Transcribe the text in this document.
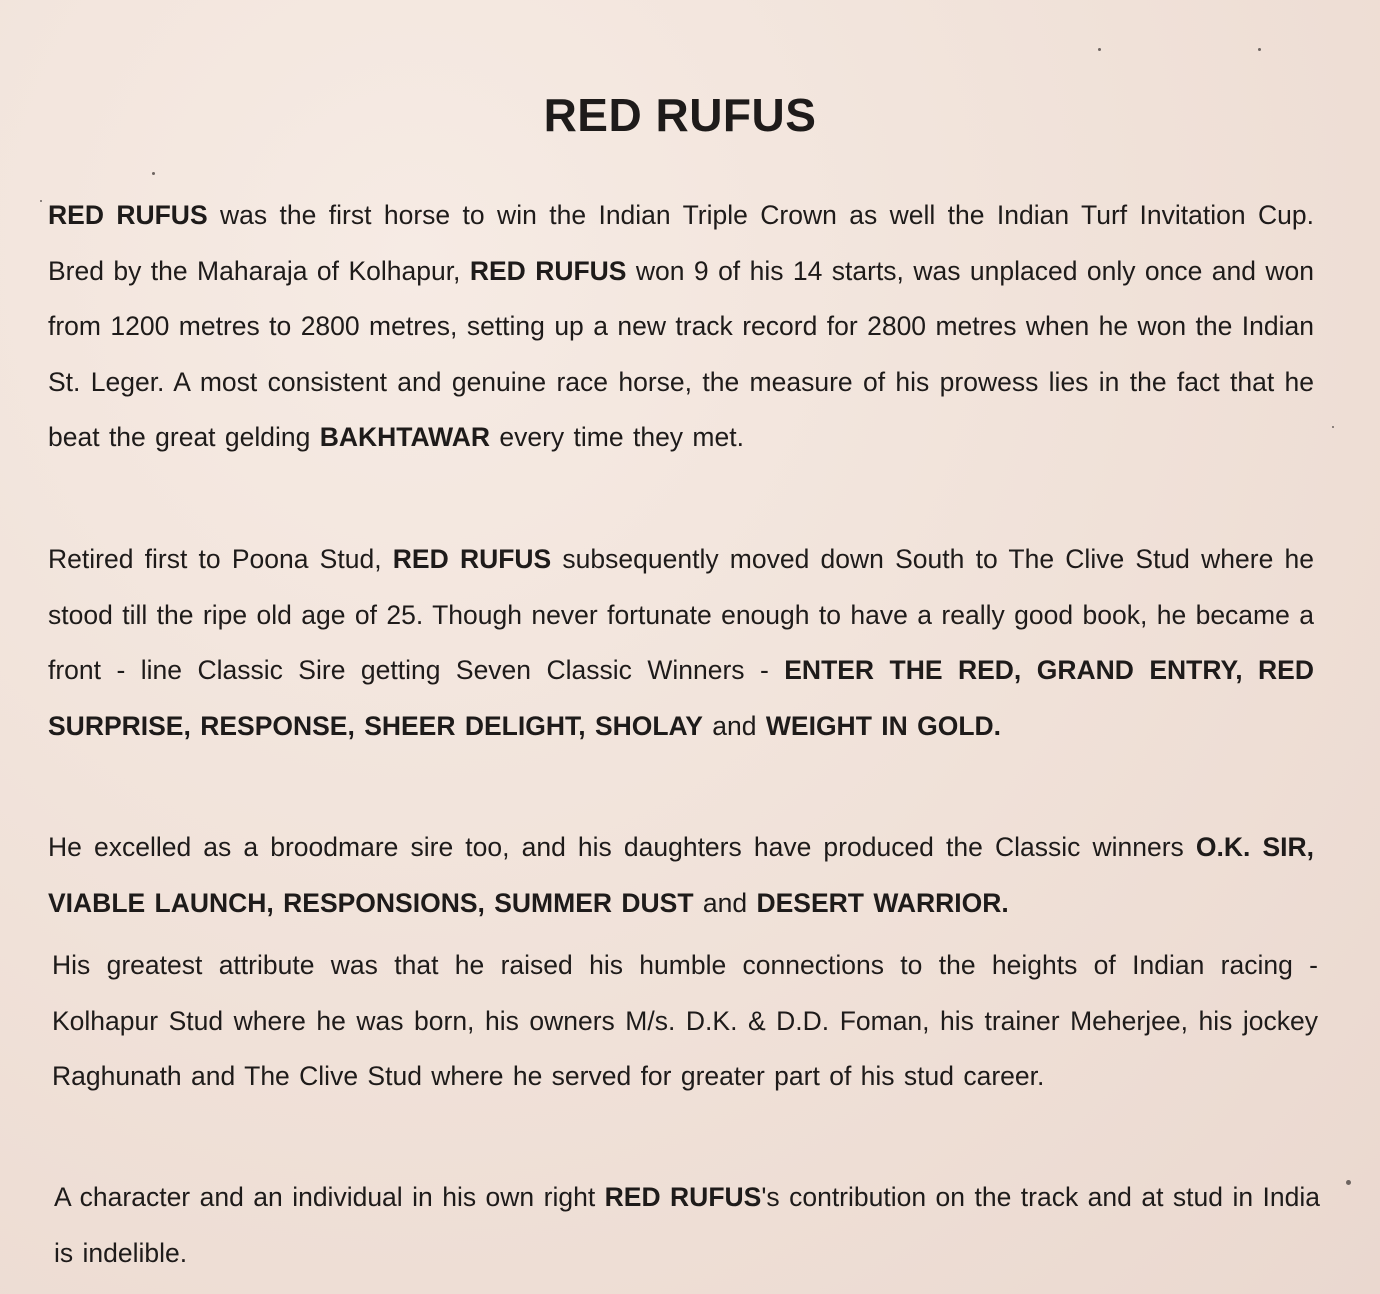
RED RUFUS

RED RUFUS was the first horse to win the Indian Triple Crown as well the Indian Turf Invitation Cup. Bred by the Maharaja of Kolhapur, RED RUFUS won 9 of his 14 starts, was unplaced only once and won from 1200 metres to 2800 metres, setting up a new track record for 2800 metres when he won the Indian St. Leger. A most consistent and genuine race horse, the measure of his prowess lies in the fact that he beat the great gelding BAKHTAWAR every time they met.

Retired first to Poona Stud, RED RUFUS subsequently moved down South to The Clive Stud where he stood till the ripe old age of 25. Though never fortunate enough to have a really good book, he became a front - line Classic Sire getting Seven Classic Winners - ENTER THE RED, GRAND ENTRY, RED SURPRISE, RESPONSE, SHEER DELIGHT, SHOLAY and WEIGHT IN GOLD.

He excelled as a broodmare sire too, and his daughters have produced the Classic winners O.K. SIR, VIABLE LAUNCH, RESPONSIONS, SUMMER DUST and DESERT WARRIOR.

His greatest attribute was that he raised his humble connections to the heights of Indian racing - Kolhapur Stud where he was born, his owners M/s. D.K. & D.D. Foman, his trainer Meherjee, his jockey Raghunath and The Clive Stud where he served for greater part of his stud career.

A character and an individual in his own right RED RUFUS's contribution on the track and at stud in India is indelible.
